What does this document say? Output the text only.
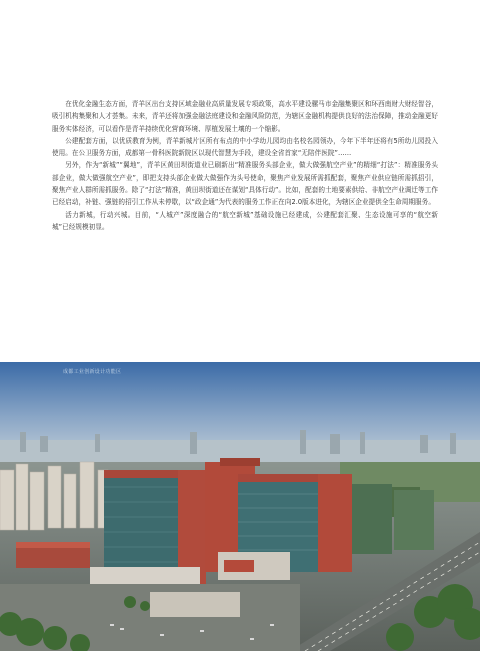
在优化金融生态方面，青羊区出台支持区域金融业高质量发展专项政策，高水平建设骡马市金融集聚区和环西南财大财经智谷，吸引机构集聚和人才荟集。未来，青羊还将加强金融法庭建设和金融风险防范，为辖区金融机构提供良好的法治保障，推动金融更好服务实体经济，可以看作是青羊持续优化营商环境、厚植发展土壤的一个缩影。

公建配套方面，以优质教育为例，青羊新城片区所有布点的中小学幼儿园均由名校名园领办，今年下半年还将有5所幼儿园投入使用。在公卫服务方面，成都第一骨科医院新院区以现代智慧为手段，建设全省首家“无陪伴医院”……

另外，作为“新城”“翼地”，青羊区黄田坝街道业已刷新出“精准服务头部企业，做大做强航空产业”的精细“打法”：精准服务头部企业，做大做强航空产业”，即把支持头部企业做大做强作为头号使命，聚焦产业发展所需抓配套，聚焦产业供应链所需抓招引，聚焦产业人群所需抓服务。除了“打法”精准，黄田坝街道还在谋划“具体行动”。比如，配套的土地要素供给、非航空产业调迁等工作已经启动，补链、强链的招引工作从未停歇，以“政企通”为代表的服务工作正在向2.0版本进化，为辖区企业提供全生命周期服务。

活力新城，行动兴城。目前，“人城产”深度融合的“航空新城”基础设施已经建成，公建配套汇聚、生态设施可享的“航空新城”已经规模初显。

成都工业创新设计功能区
